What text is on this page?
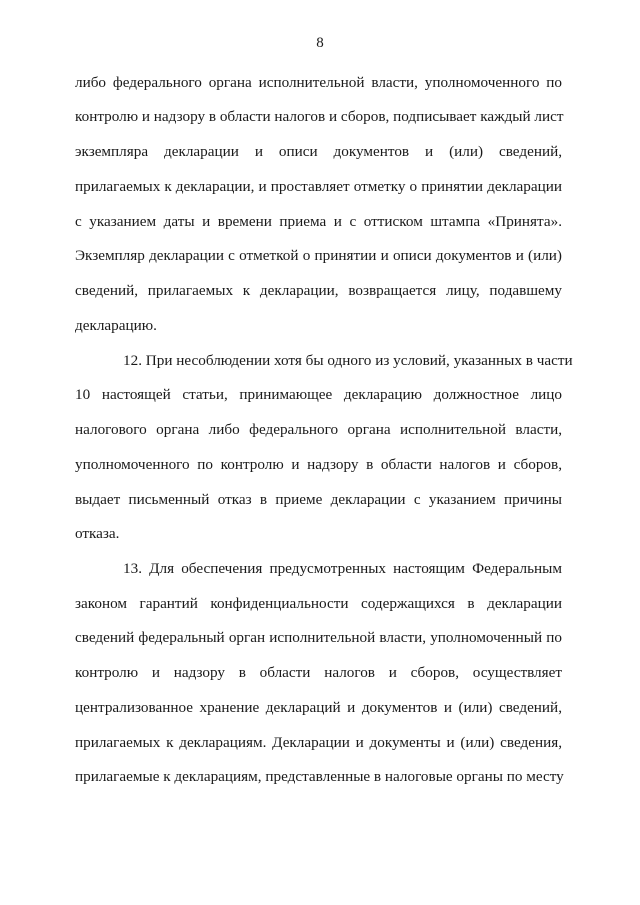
8
либо федерального органа исполнительной власти, уполномоченного по
контролю и надзору в области налогов и сборов, подписывает каждый лист
экземпляра декларации и описи документов и (или) сведений,
прилагаемых к декларации, и проставляет отметку о принятии декларации
с указанием даты и времени приема и с оттиском штампа «Принята».
Экземпляр декларации с отметкой о принятии и описи документов и (или)
сведений, прилагаемых к декларации, возвращается лицу, подавшему
декларацию.
12. При несоблюдении хотя бы одного из условий, указанных в части
10 настоящей статьи, принимающее декларацию должностное лицо
налогового органа либо федерального органа исполнительной власти,
уполномоченного по контролю и надзору в области налогов и сборов,
выдает письменный отказ в приеме декларации с указанием причины
отказа.
13. Для обеспечения предусмотренных настоящим Федеральным
законом гарантий конфиденциальности содержащихся в декларации
сведений федеральный орган исполнительной власти, уполномоченный по
контролю и надзору в области налогов и сборов, осуществляет
централизованное хранение деклараций и документов и (или) сведений,
прилагаемых к декларациям. Декларации и документы и (или) сведения,
прилагаемые к декларациям, представленные в налоговые органы по месту
